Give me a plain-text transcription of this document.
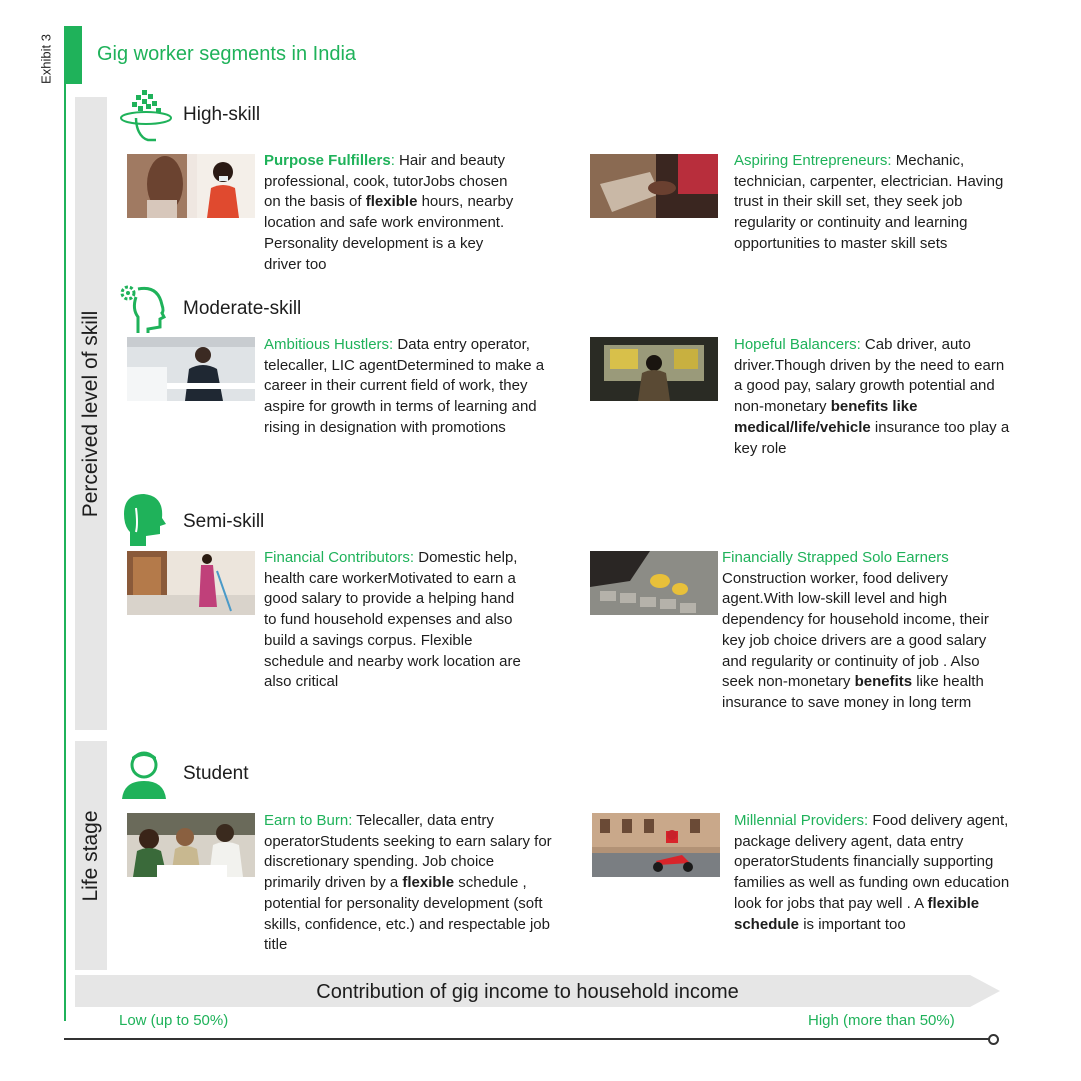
Exhibit 3 Gig worker segments in India
Perceived level of skill
Life stage
High-skill
Purpose Fulfillers: Hair and beauty professional, cook, tutorJobs chosen on the basis of flexible hours, nearby location and safe work environment. Personality development is a key driver too
Aspiring Entrepreneurs: Mechanic, technician, carpenter, electrician. Having trust in their skill set, they seek job regularity or continuity and learning opportunities to master skill sets
Moderate-skill
Ambitious Hustlers: Data entry operator, telecaller, LIC agentDetermined to make a career in their current field of work, they aspire for growth in terms of learning and rising in designation with promotions
Hopeful Balancers: Cab driver, auto driver.Though driven by the need to earn a good pay, salary growth potential and non-monetary benefits like medical/life/vehicle insurance too play a key role
Semi-skill
Financial Contributors: Domestic help, health care workerMotivated to earn a good salary to provide a helping hand to fund household expenses and also build a savings corpus. Flexible schedule and nearby work location are also critical
Financially Strapped Solo Earners
Construction worker, food delivery agent.With low-skill level and high dependency for household income, their key job choice drivers are a good salary and regularity or continuity of job . Also seek non-monetary benefits like health insurance to save money in long term
Student
Earn to Burn: Telecaller, data entry operatorStudents seeking to earn salary for discretionary spending. Job choice primarily driven by a flexible schedule , potential for personality development (soft skills, confidence, etc.) and respectable job title
Millennial Providers: Food delivery agent, package delivery agent, data entry operatorStudents financially supporting families as well as funding own education look for jobs that pay well . A flexible schedule is important too
Contribution of gig income to household income
Low (up to 50%)	High (more than 50%)
